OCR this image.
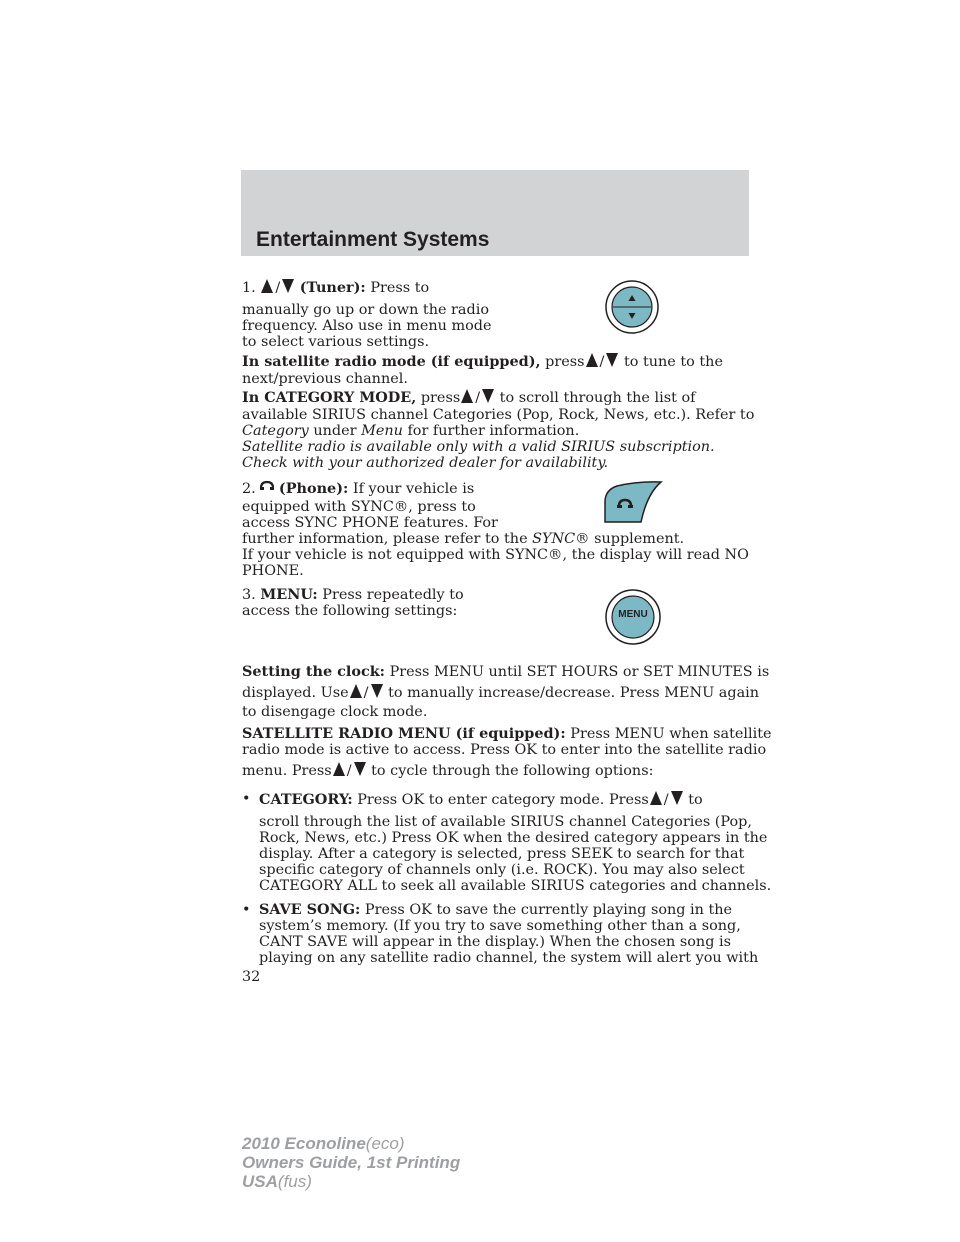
Entertainment Systems
1. / (Tuner): Press to
manually go up or down the radio
frequency. Also use in menu mode
to select various settings.
In satellite radio mode (if equipped), press / to tune to the
next/previous channel.
In CATEGORY MODE, press / to scroll through the list of
available SIRIUS channel Categories (Pop, Rock, News, etc.). Refer to
Category under Menu for further information.
Satellite radio is available only with a valid SIRIUS subscription.
Check with your authorized dealer for availability.
2. (Phone): If your vehicle is
equipped with SYNC®, press to
access SYNC PHONE features. For
further information, please refer to the SYNC® supplement.
If your vehicle is not equipped with SYNC®, the display will read NO
PHONE.
3. MENU: Press repeatedly to
access the following settings:	MENU
Setting the clock: Press MENU until SET HOURS or SET MINUTES is
displayed. Use / to manually increase/decrease. Press MENU again
to disengage clock mode.
SATELLITE RADIO MENU (if equipped): Press MENU when satellite
radio mode is active to access. Press OK to enter into the satellite radio
menu. Press / to cycle through the following options:
• CATEGORY: Press OK to enter category mode. Press / to
scroll through the list of available SIRIUS channel Categories (Pop,
Rock, News, etc.) Press OK when the desired category appears in the
display. After a category is selected, press SEEK to search for that
specific category of channels only (i.e. ROCK). You may also select
CATEGORY ALL to seek all available SIRIUS categories and channels.
• SAVE SONG: Press OK to save the currently playing song in the
system’s memory. (If you try to save something other than a song,
CANT SAVE will appear in the display.) When the chosen song is
playing on any satellite radio channel, the system will alert you with
32
2010 Econoline(eco)
Owners Guide, 1st Printing
USA(fus)
